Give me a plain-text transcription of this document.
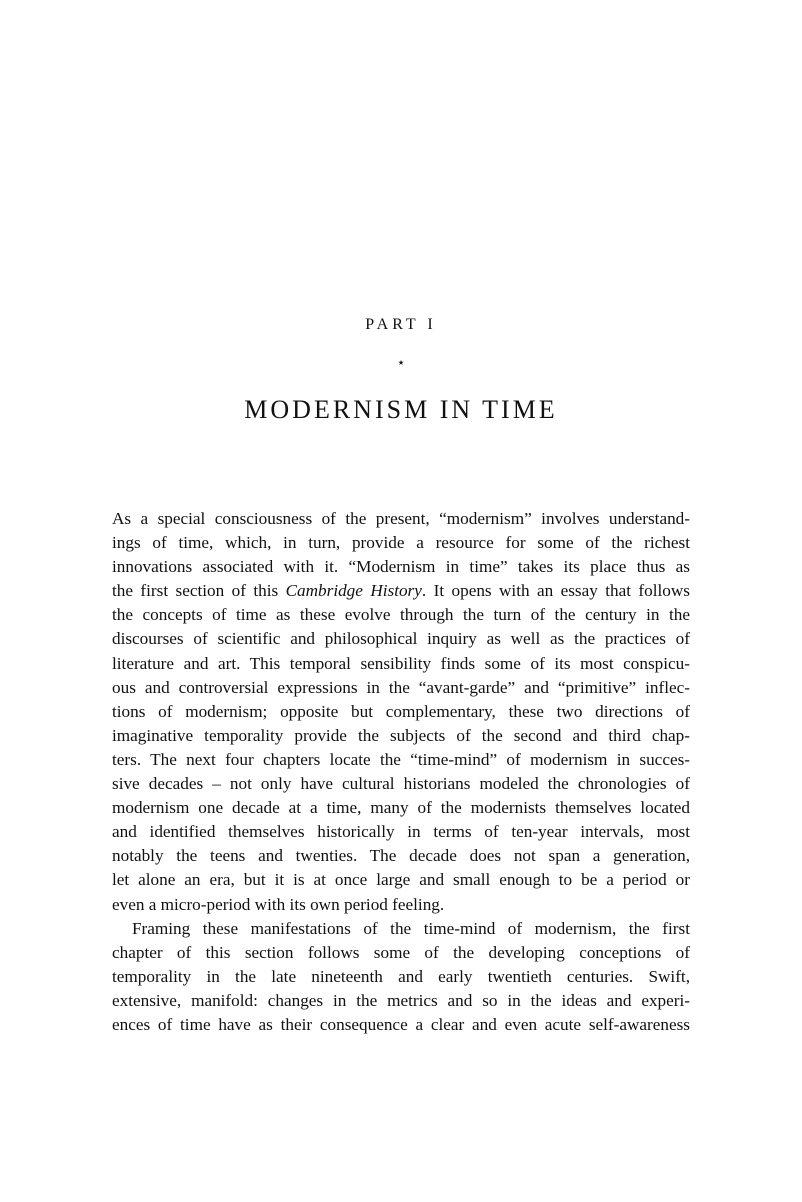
PART I
⋆
MODERNISM IN TIME
As a special consciousness of the present, “modernism” involves understand-
ings of time, which, in turn, provide a resource for some of the richest
innovations associated with it. “Modernism in time” takes its place thus as
the first section of this Cambridge History. It opens with an essay that follows
the concepts of time as these evolve through the turn of the century in the
discourses of scientific and philosophical inquiry as well as the practices of
literature and art. This temporal sensibility finds some of its most conspicu-
ous and controversial expressions in the “avant-garde” and “primitive” inflec-
tions of modernism; opposite but complementary, these two directions of
imaginative temporality provide the subjects of the second and third chap-
ters. The next four chapters locate the “time-mind” of modernism in succes-
sive decades – not only have cultural historians modeled the chronologies of
modernism one decade at a time, many of the modernists themselves located
and identified themselves historically in terms of ten-year intervals, most
notably the teens and twenties. The decade does not span a generation,
let alone an era, but it is at once large and small enough to be a period or
even a micro-period with its own period feeling.
Framing these manifestations of the time-mind of modernism, the first
chapter of this section follows some of the developing conceptions of
temporality in the late nineteenth and early twentieth centuries. Swift,
extensive, manifold: changes in the metrics and so in the ideas and experi-
ences of time have as their consequence a clear and even acute self-awareness
